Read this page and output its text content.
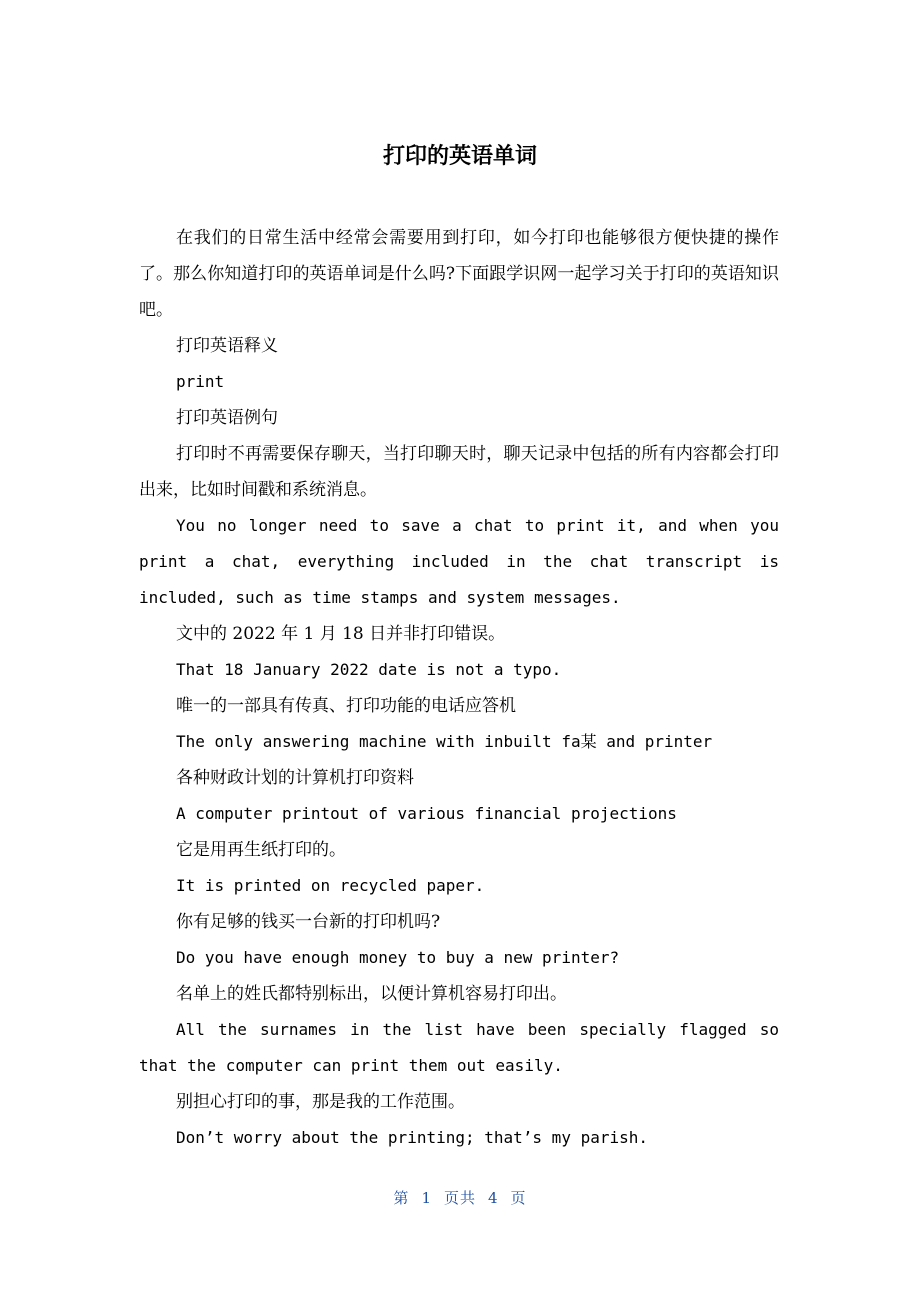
打印的英语单词

在我们的日常生活中经常会需要用到打印，如今打印也能够很方便快捷的操作了。那么你知道打印的英语单词是什么吗?下面跟学识网一起学习关于打印的英语知识吧。

打印英语释义

print

打印英语例句

打印时不再需要保存聊天，当打印聊天时，聊天记录中包括的所有内容都会打印出来，比如时间戳和系统消息。

You no longer need to save a chat to print it, and when you print a chat, everything included in the chat transcript is included, such as time stamps and system messages.

文中的 2022 年 1 月 18 日并非打印错误。

That 18 January 2022 date is not a typo.

唯一的一部具有传真、打印功能的电话应答机

The only answering machine with inbuilt fa某 and printer

各种财政计划的计算机打印资料

A computer printout of various financial projections

它是用再生纸打印的。

It is printed on recycled paper.

你有足够的钱买一台新的打印机吗?

Do you have enough money to buy a new printer?

名单上的姓氏都特别标出，以便计算机容易打印出。

All the surnames in the list have been specially flagged so that the computer can print them out easily.

别担心打印的事，那是我的工作范围。

Don’t worry about the printing; that’s my parish.

第 1 页共 4 页
